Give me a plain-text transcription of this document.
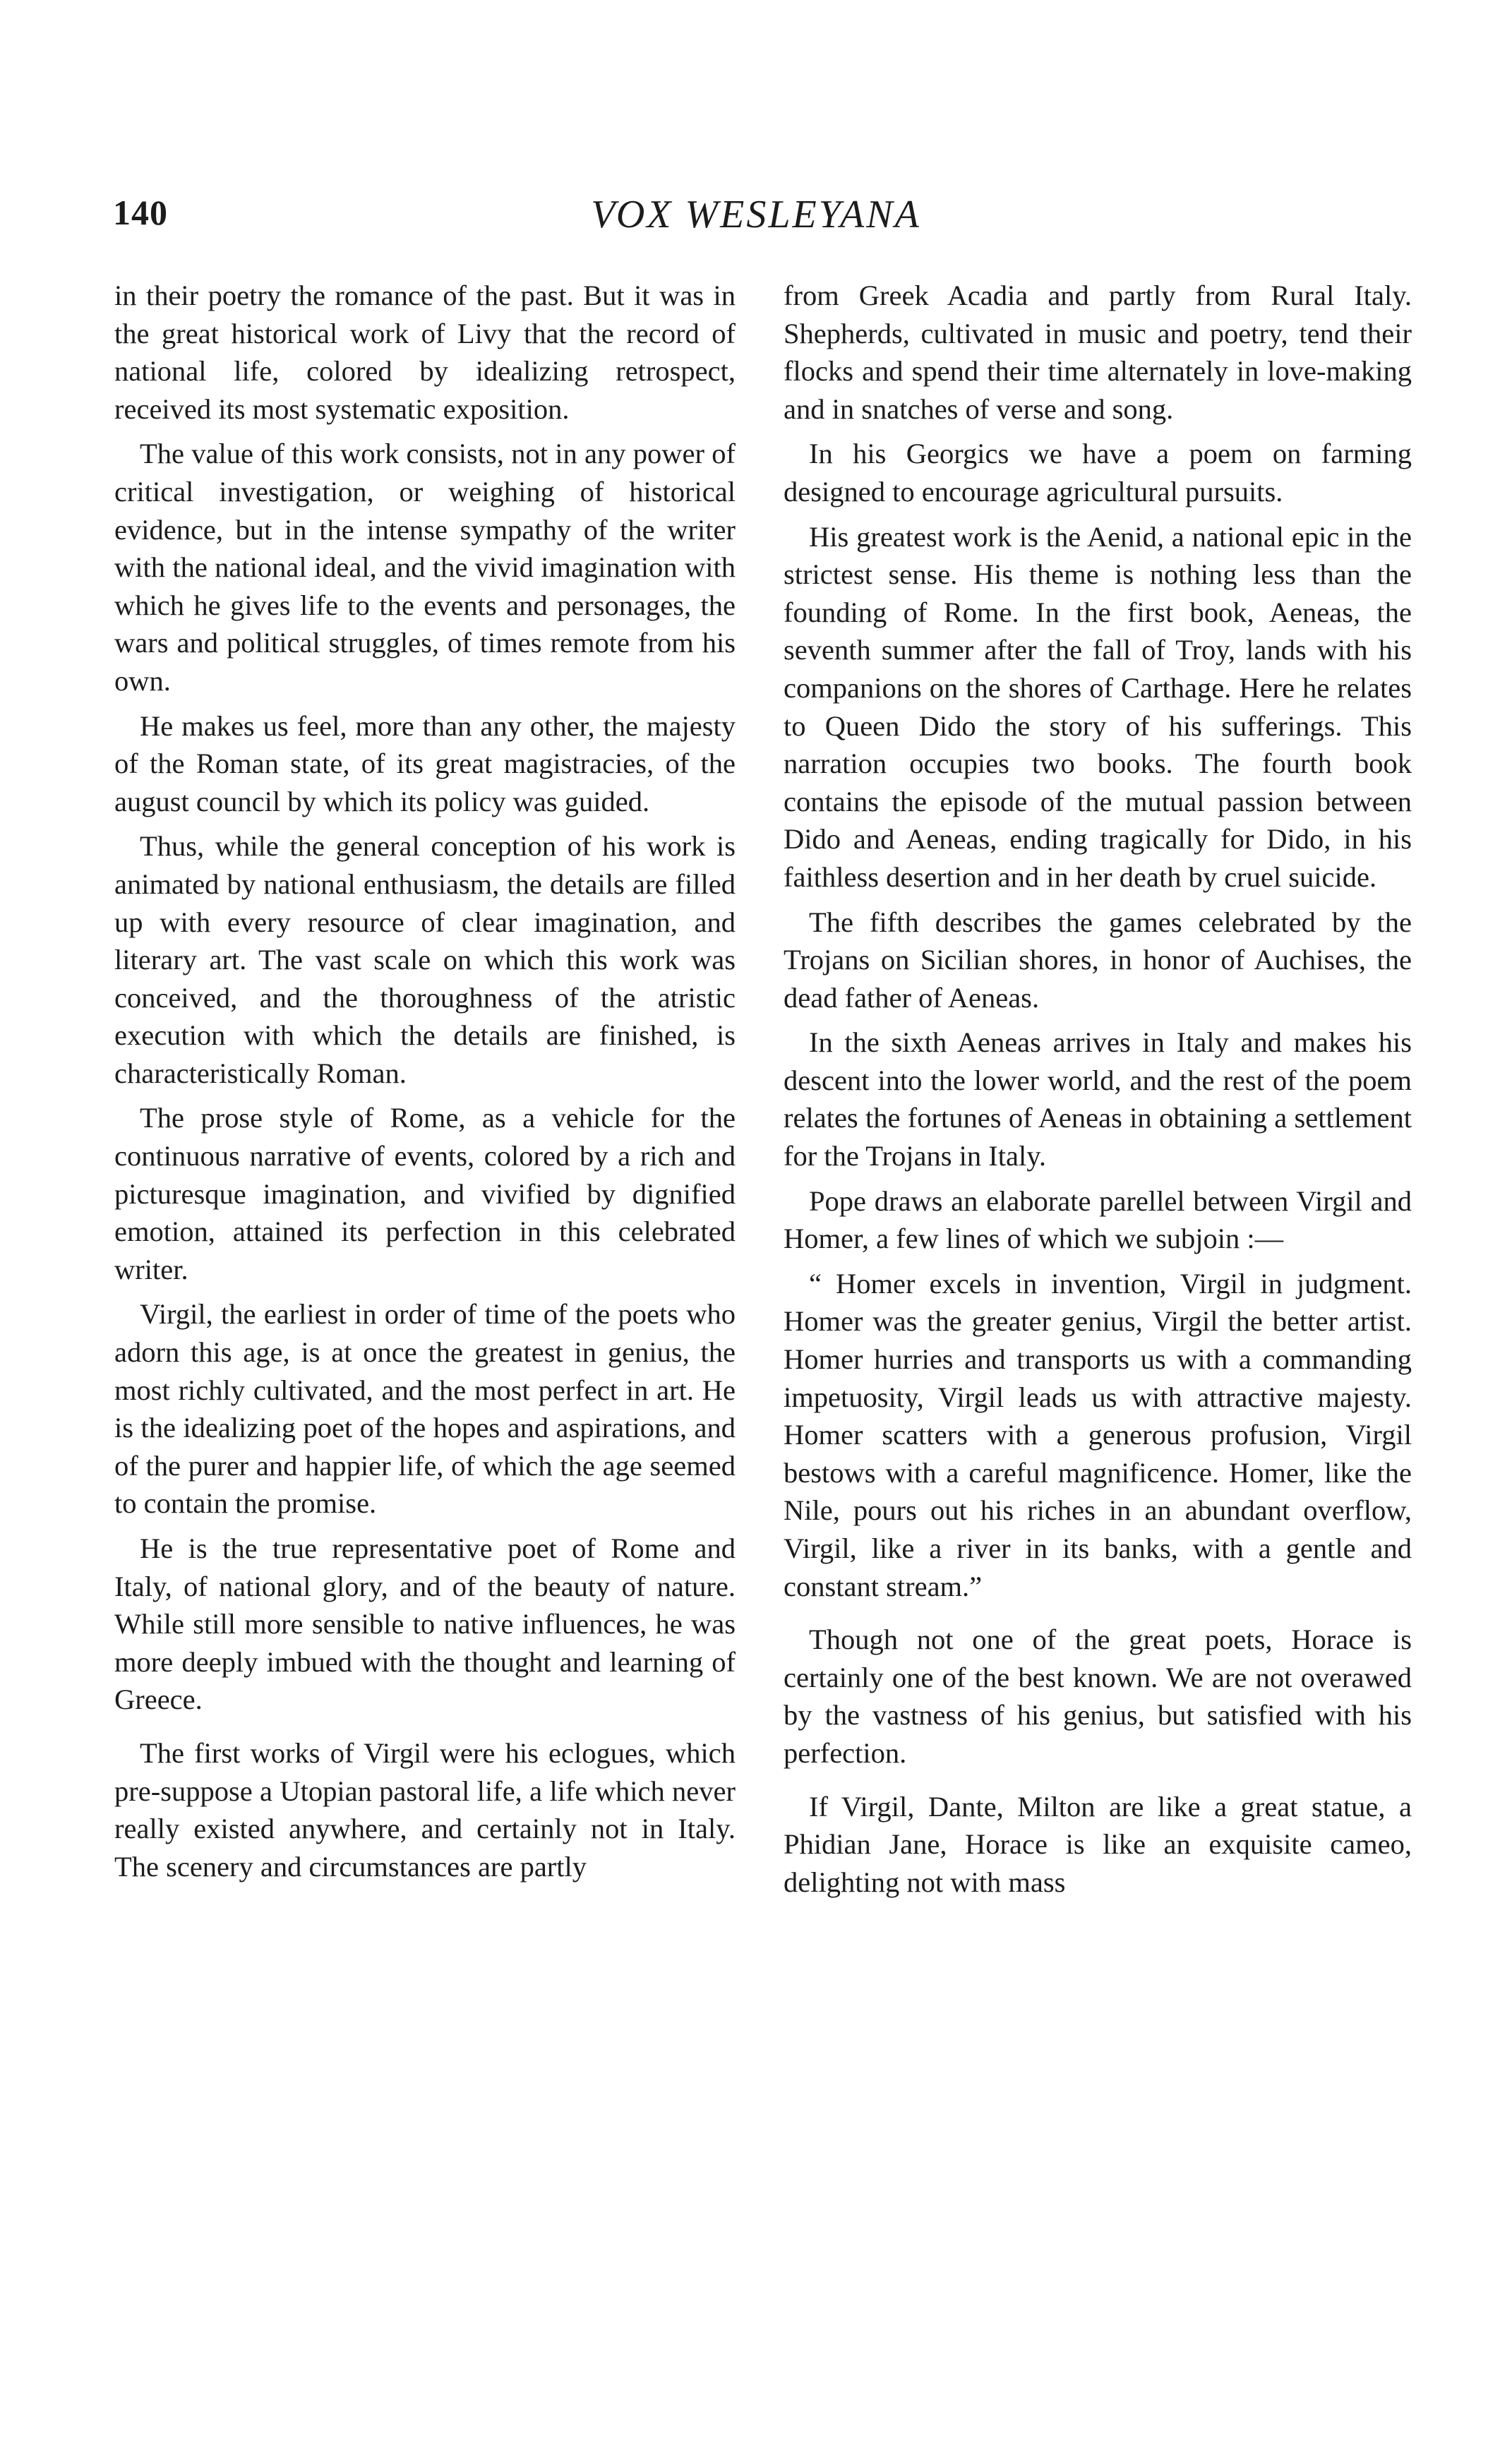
140	VOX WESLEYANA

in their poetry the romance of the past. But it was in the great historical work of Livy that the record of national life, colored by idealizing retrospect, received its most systematic exposition.

The value of this work consists, not in any power of critical investigation, or weighing of historical evidence, but in the intense sympathy of the writer with the national ideal, and the vivid imagination with which he gives life to the events and personages, the wars and political struggles, of times remote from his own.

He makes us feel, more than any other, the majesty of the Roman state, of its great magistracies, of the august council by which its policy was guided.

Thus, while the general conception of his work is animated by national enthusiasm, the details are filled up with every resource of clear imagination, and literary art. The vast scale on which this work was conceived, and the thoroughness of the atristic execution with which the details are finished, is characteristically Roman.

The prose style of Rome, as a vehicle for the continuous narrative of events, colored by a rich and picturesque imagination, and vivified by dignified emotion, attained its perfection in this celebrated writer.

Virgil, the earliest in order of time of the poets who adorn this age, is at once the greatest in genius, the most richly cultivated, and the most perfect in art. He is the idealizing poet of the hopes and aspirations, and of the purer and happier life, of which the age seemed to contain the promise.

He is the true representative poet of Rome and Italy, of national glory, and of the beauty of nature. While still more sensible to native influences, he was more deeply imbued with the thought and learning of Greece.

The first works of Virgil were his eclogues, which pre-suppose a Utopian pastoral life, a life which never really existed anywhere, and certainly not in Italy. The scenery and circumstances are partly

from Greek Acadia and partly from Rural Italy. Shepherds, cultivated in music and poetry, tend their flocks and spend their time alternately in love-making and in snatches of verse and song.

In his Georgics we have a poem on farming designed to encourage agricultural pursuits.

His greatest work is the Aenid, a national epic in the strictest sense. His theme is nothing less than the founding of Rome. In the first book, Aeneas, the seventh summer after the fall of Troy, lands with his companions on the shores of Carthage. Here he relates to Queen Dido the story of his sufferings. This narration occupies two books. The fourth book contains the episode of the mutual passion between Dido and Aeneas, ending tragically for Dido, in his faithless desertion and in her death by cruel suicide.

The fifth describes the games celebrated by the Trojans on Sicilian shores, in honor of Auchises, the dead father of Aeneas.

In the sixth Aeneas arrives in Italy and makes his descent into the lower world, and the rest of the poem relates the fortunes of Aeneas in obtaining a settlement for the Trojans in Italy.

Pope draws an elaborate parellel between Virgil and Homer, a few lines of which we subjoin :—

“ Homer excels in invention, Virgil in judgment. Homer was the greater genius, Virgil the better artist. Homer hurries and transports us with a commanding impetuosity, Virgil leads us with attractive majesty. Homer scatters with a generous profusion, Virgil bestows with a careful magnificence. Homer, like the Nile, pours out his riches in an abundant overflow, Virgil, like a river in its banks, with a gentle and constant stream.”

Though not one of the great poets, Horace is certainly one of the best known. We are not overawed by the vastness of his genius, but satisfied with his perfection.

If Virgil, Dante, Milton are like a great statue, a Phidian Jane, Horace is like an exquisite cameo, delighting not with mass
